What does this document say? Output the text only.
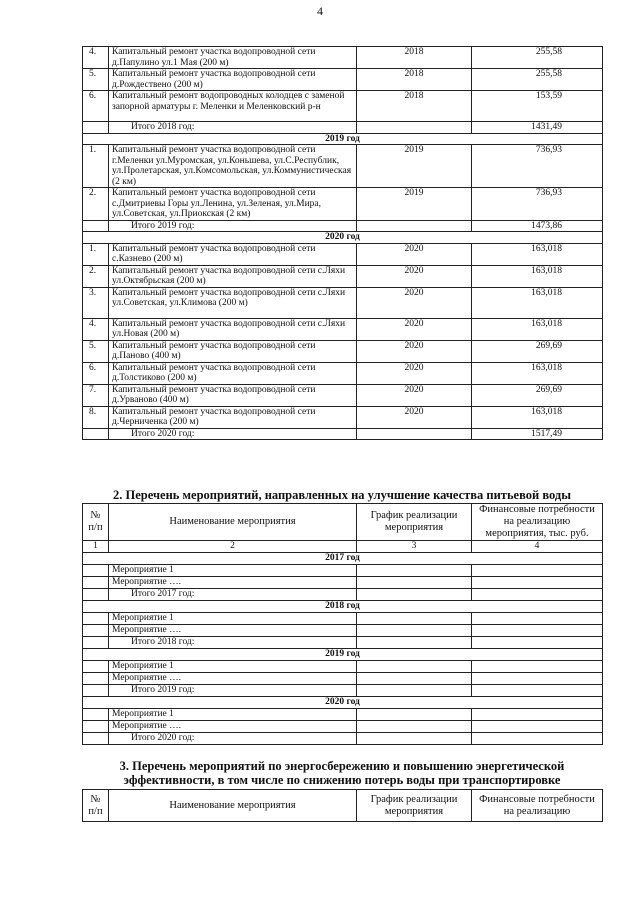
4
4.	Капитальный ремонт участка водопроводной сети д.Папулино ул.1 Мая (200 м)	2018	255,58
5.	Капитальный ремонт участка водопроводной сети д.Рождествено (200 м)	2018	255,58
6.	Капитальный ремонт водопроводных колодцев с заменой запорной арматуры г. Меленки и Меленковский р-н	2018	153,59
	Итого 2018 год:		1431,49
2019 год			
1.	Капитальный ремонт участка водопроводной сети г.Меленки ул.Муромская, ул.Коньшева, ул.С.Республик, ул.Пролетарская, ул.Комсомольская, ул.Коммунистическая (2 км)	2019	736,93
2.	Капитальный ремонт участка водопроводной сети с.Дмитриевы Горы ул.Ленина, ул.Зеленая, ул.Мира, ул.Советская, ул.Приокская (2 км)	2019	736,93
	Итого 2019 год:		1473,86
2020 год			
1.	Капитальный ремонт участка водопроводной сети с.Казнево (200 м)	2020	163,018
2.	Капитальный ремонт участка водопроводной сети с.Ляхи ул.Октябрьская (200 м)	2020	163,018
3.	Капитальный ремонт участка водопроводной сети с.Ляхи ул.Советская, ул.Климова (200 м)	2020	163,018
4.	Капитальный ремонт участка водопроводной сети с.Ляхи ул.Новая (200 м)	2020	163,018
5.	Капитальный ремонт участка водопроводной сети д.Паново (400 м)	2020	269,69
6.	Капитальный ремонт участка водопроводной сети д.Толстиково (200 м)	2020	163,018
7.	Капитальный ремонт участка водопроводной сети д.Урваново (400 м)	2020	269,69
8.	Капитальный ремонт участка водопроводной сети д.Черниченка (200 м)	2020	163,018
	Итого 2020 год:		1517,49
2. Перечень мероприятий, направленных на улучшение качества питьевой воды
№ п/п	Наименование мероприятия	График реализации мероприятия	Финансовые потребности на реализацию мероприятия, тыс. руб.
1	2	3	4
2017 год			
	Мероприятие 1		
	Мероприятие ….		
	Итого 2017 год:		
2018 год			
	Мероприятие 1		
	Мероприятие ….		
	Итого 2018 год:		
2019 год			
	Мероприятие 1		
	Мероприятие ….		
	Итого 2019 год:		
2020 год			
	Мероприятие 1		
	Мероприятие ….		
	Итого 2020 год:		
3. Перечень мероприятий по энергосбережению и повышению энергетической
эффективности, в том числе по снижению потерь воды при транспортировке
№ п/п	Наименование мероприятия	График реализации мероприятия	Финансовые потребности на реализацию
